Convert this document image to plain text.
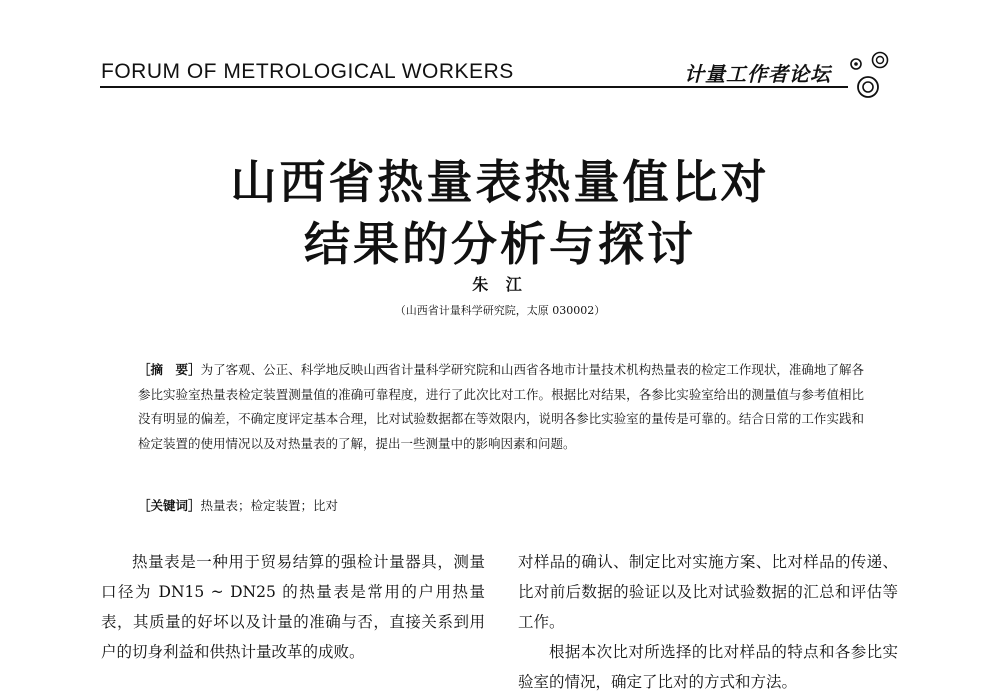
FORUM OF METROLOGICAL WORKERS	计量工作者论坛
山西省热量表热量值比对
结果的分析与探讨
朱 江
（山西省计量科学研究院，太原 030002）
［摘　要］为了客观、公正、科学地反映山西省计量科学研究院和山西省各地市计量技术机构热量表的检定工作现状，准确地了解各参比实验室热量表检定装置测量值的准确可靠程度，进行了此次比对工作。根据比对结果，各参比实验室给出的测量值与参考值相比没有明显的偏差，不确定度评定基本合理，比对试验数据都在等效限内，说明各参比实验室的量传是可靠的。结合日常的工作实践和检定装置的使用情况以及对热量表的了解，提出一些测量中的影响因素和问题。
［关键词］热量表；检定装置；比对

热量表是一种用于贸易结算的强检计量器具，测量口径为 DN15 ~ DN25 的热量表是常用的户用热量表，其质量的好坏以及计量的准确与否，直接关系到用户的切身利益和供热计量改革的成败。

对样品的确认、制定比对实施方案、比对样品的传递、比对前后数据的验证以及比对试验数据的汇总和评估等工作。

根据本次比对所选择的比对样品的特点和各参比实验室的情况，确定了比对的方式和方法。
